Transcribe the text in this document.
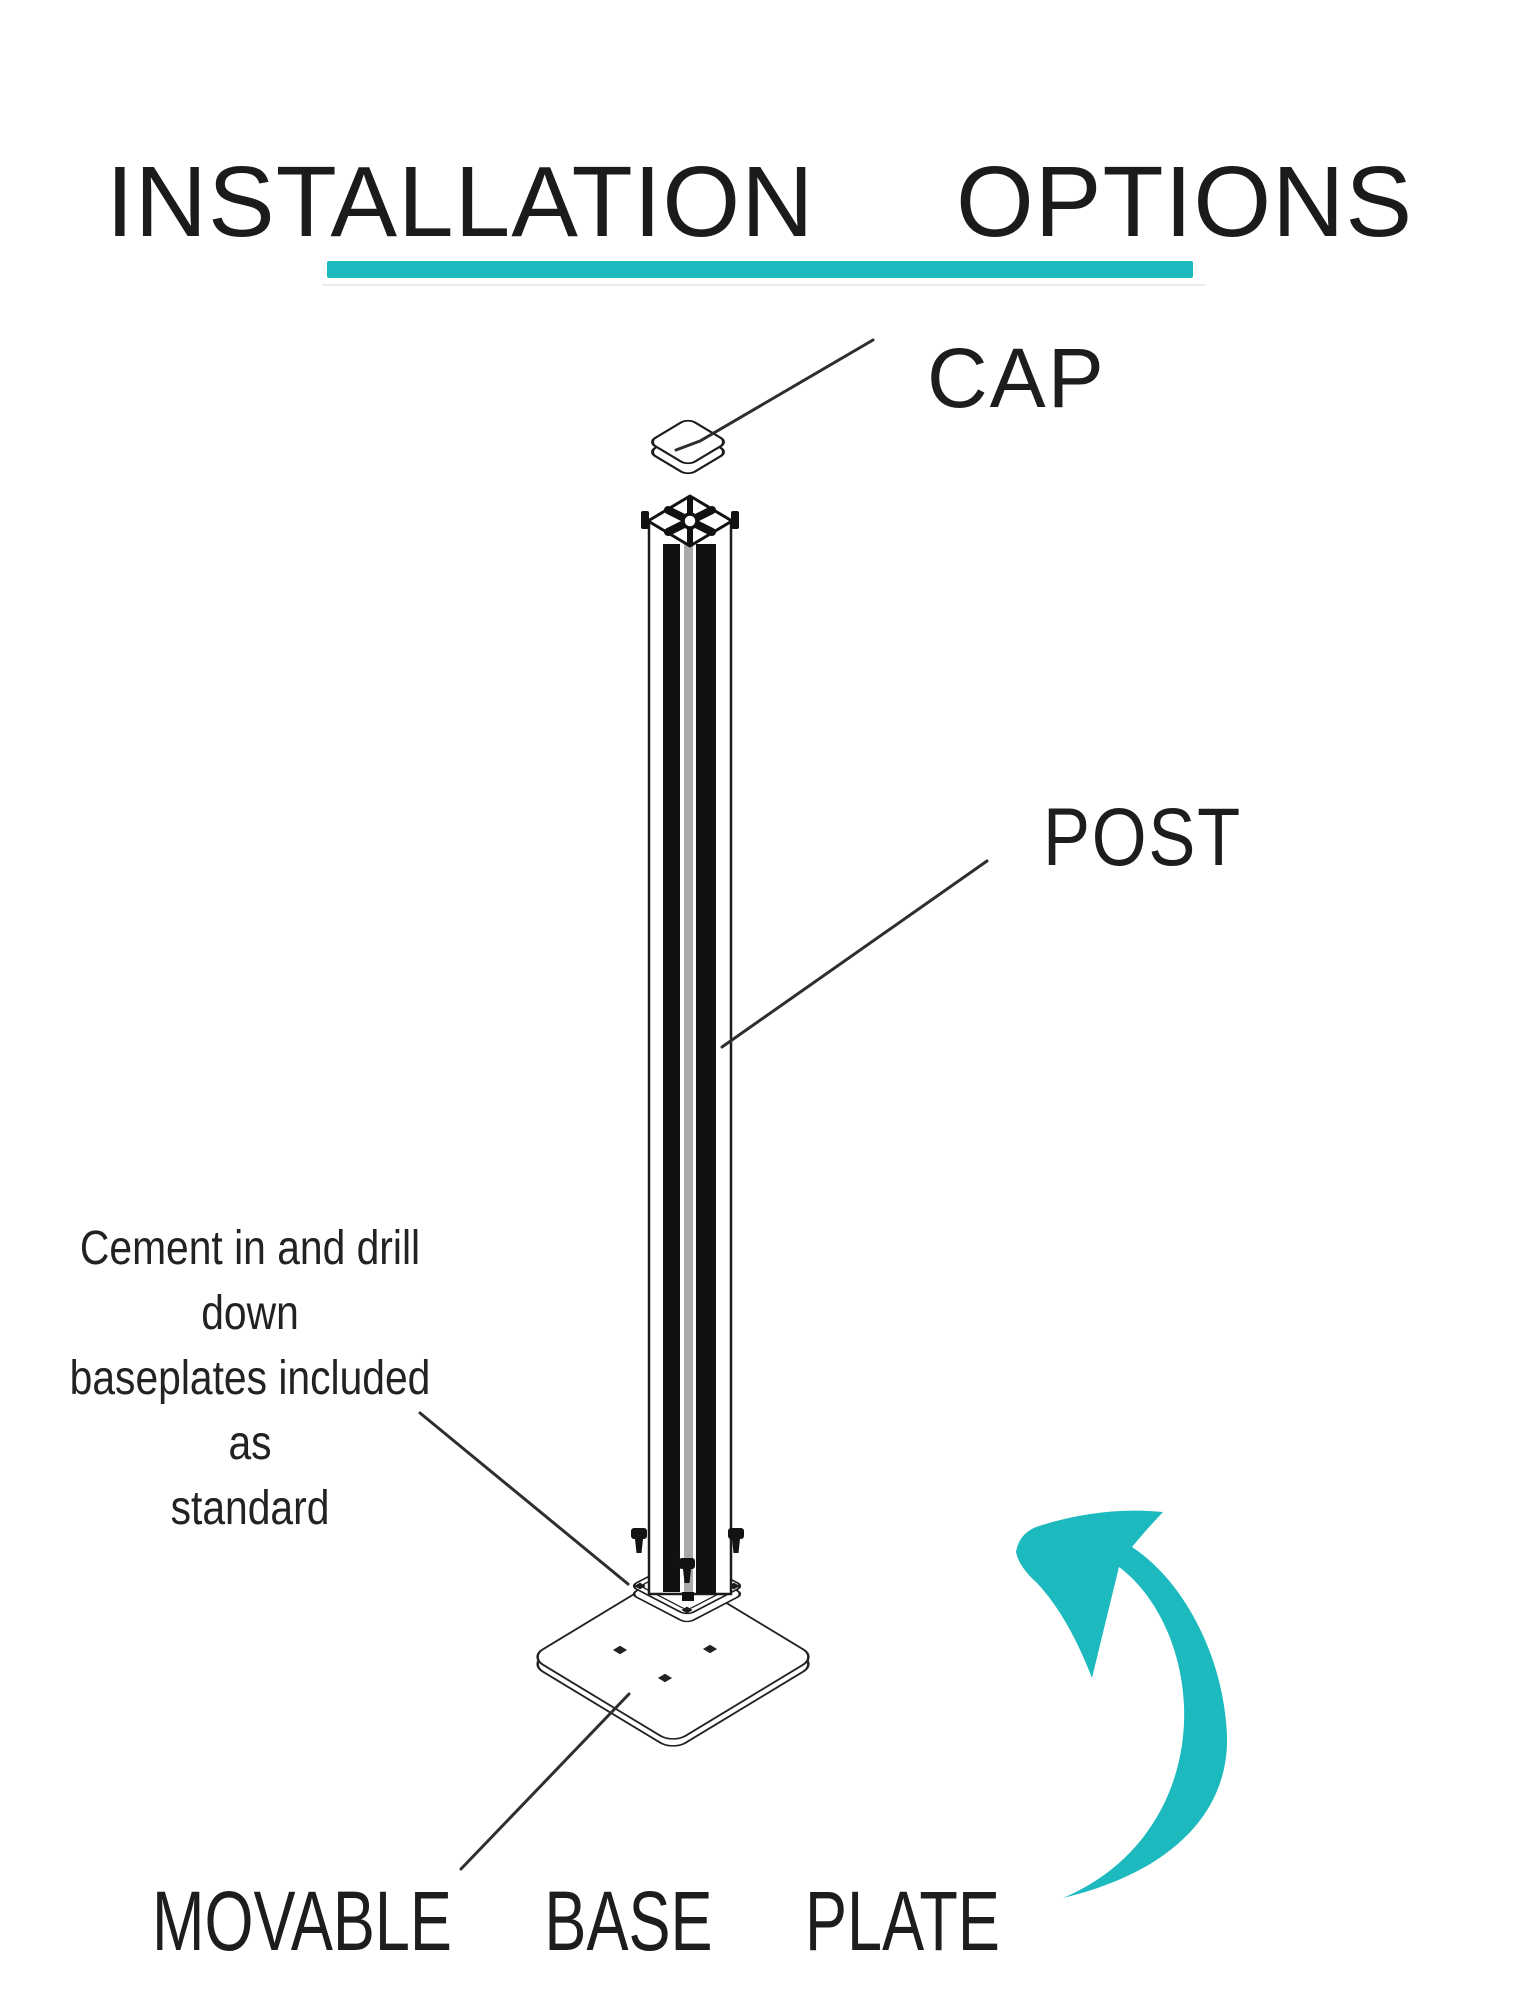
INSTALLATION  OPTIONS
CAP
POST
Cement in and drill down
baseplates included as
standard
MOVABLE BASE PLATE
